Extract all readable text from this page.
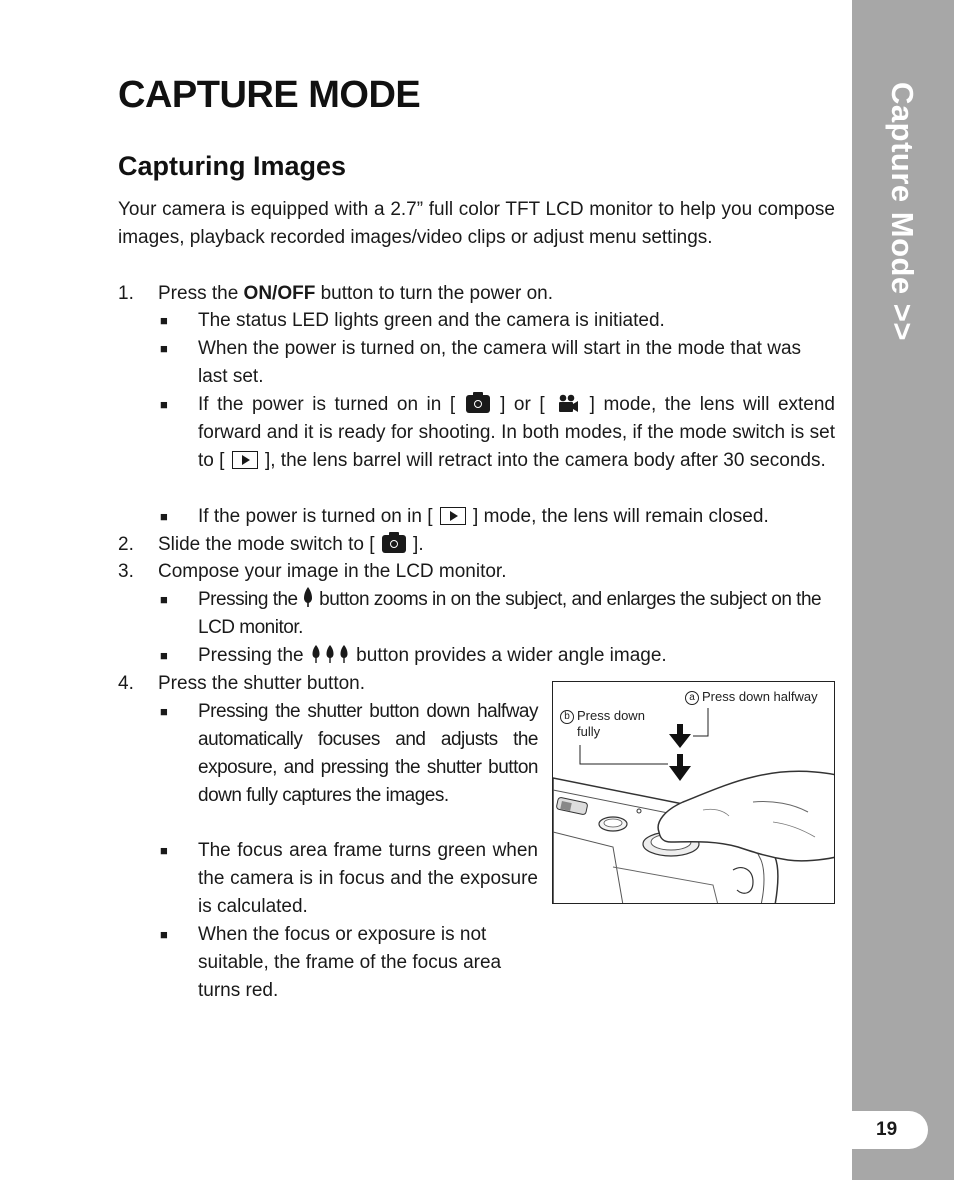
Capture Mode >>
19
CAPTURE MODE
Capturing Images
Your camera is equipped with a 2.7” full color TFT LCD monitor to help you compose images, playback recorded images/video clips or adjust menu settings.
1. Press the ON/OFF button to turn the power on.
■
The status LED lights green and the camera is initiated.
■
When the power is turned on, the camera will start in the mode that was last set.
■
If the power is turned on in [  ] or [  ] mode, the lens will extend forward and it is ready for shooting. In both modes, if the mode switch is set to [  ], the lens barrel will retract into the camera body after 30 seconds.
■
If the power is turned on in [  ] mode, the lens will remain closed.
2. Slide the mode switch to [  ].
3. Compose your image in the LCD monitor.
■
Pressing the  button zooms in on the subject, and enlarges the subject on the LCD monitor.
■
Pressing the  button provides a wider angle image.
4. Press the shutter button.
■
Pressing the shutter button down halfway automatically focuses and adjusts the exposure, and pressing the shutter button down fully captures the images.
■
The focus area frame turns green when the camera is in focus and the exposure is calculated.
■
When the focus or exposure is not suitable, the frame of the focus area turns red.
a Press down halfway
b Press down
fully
